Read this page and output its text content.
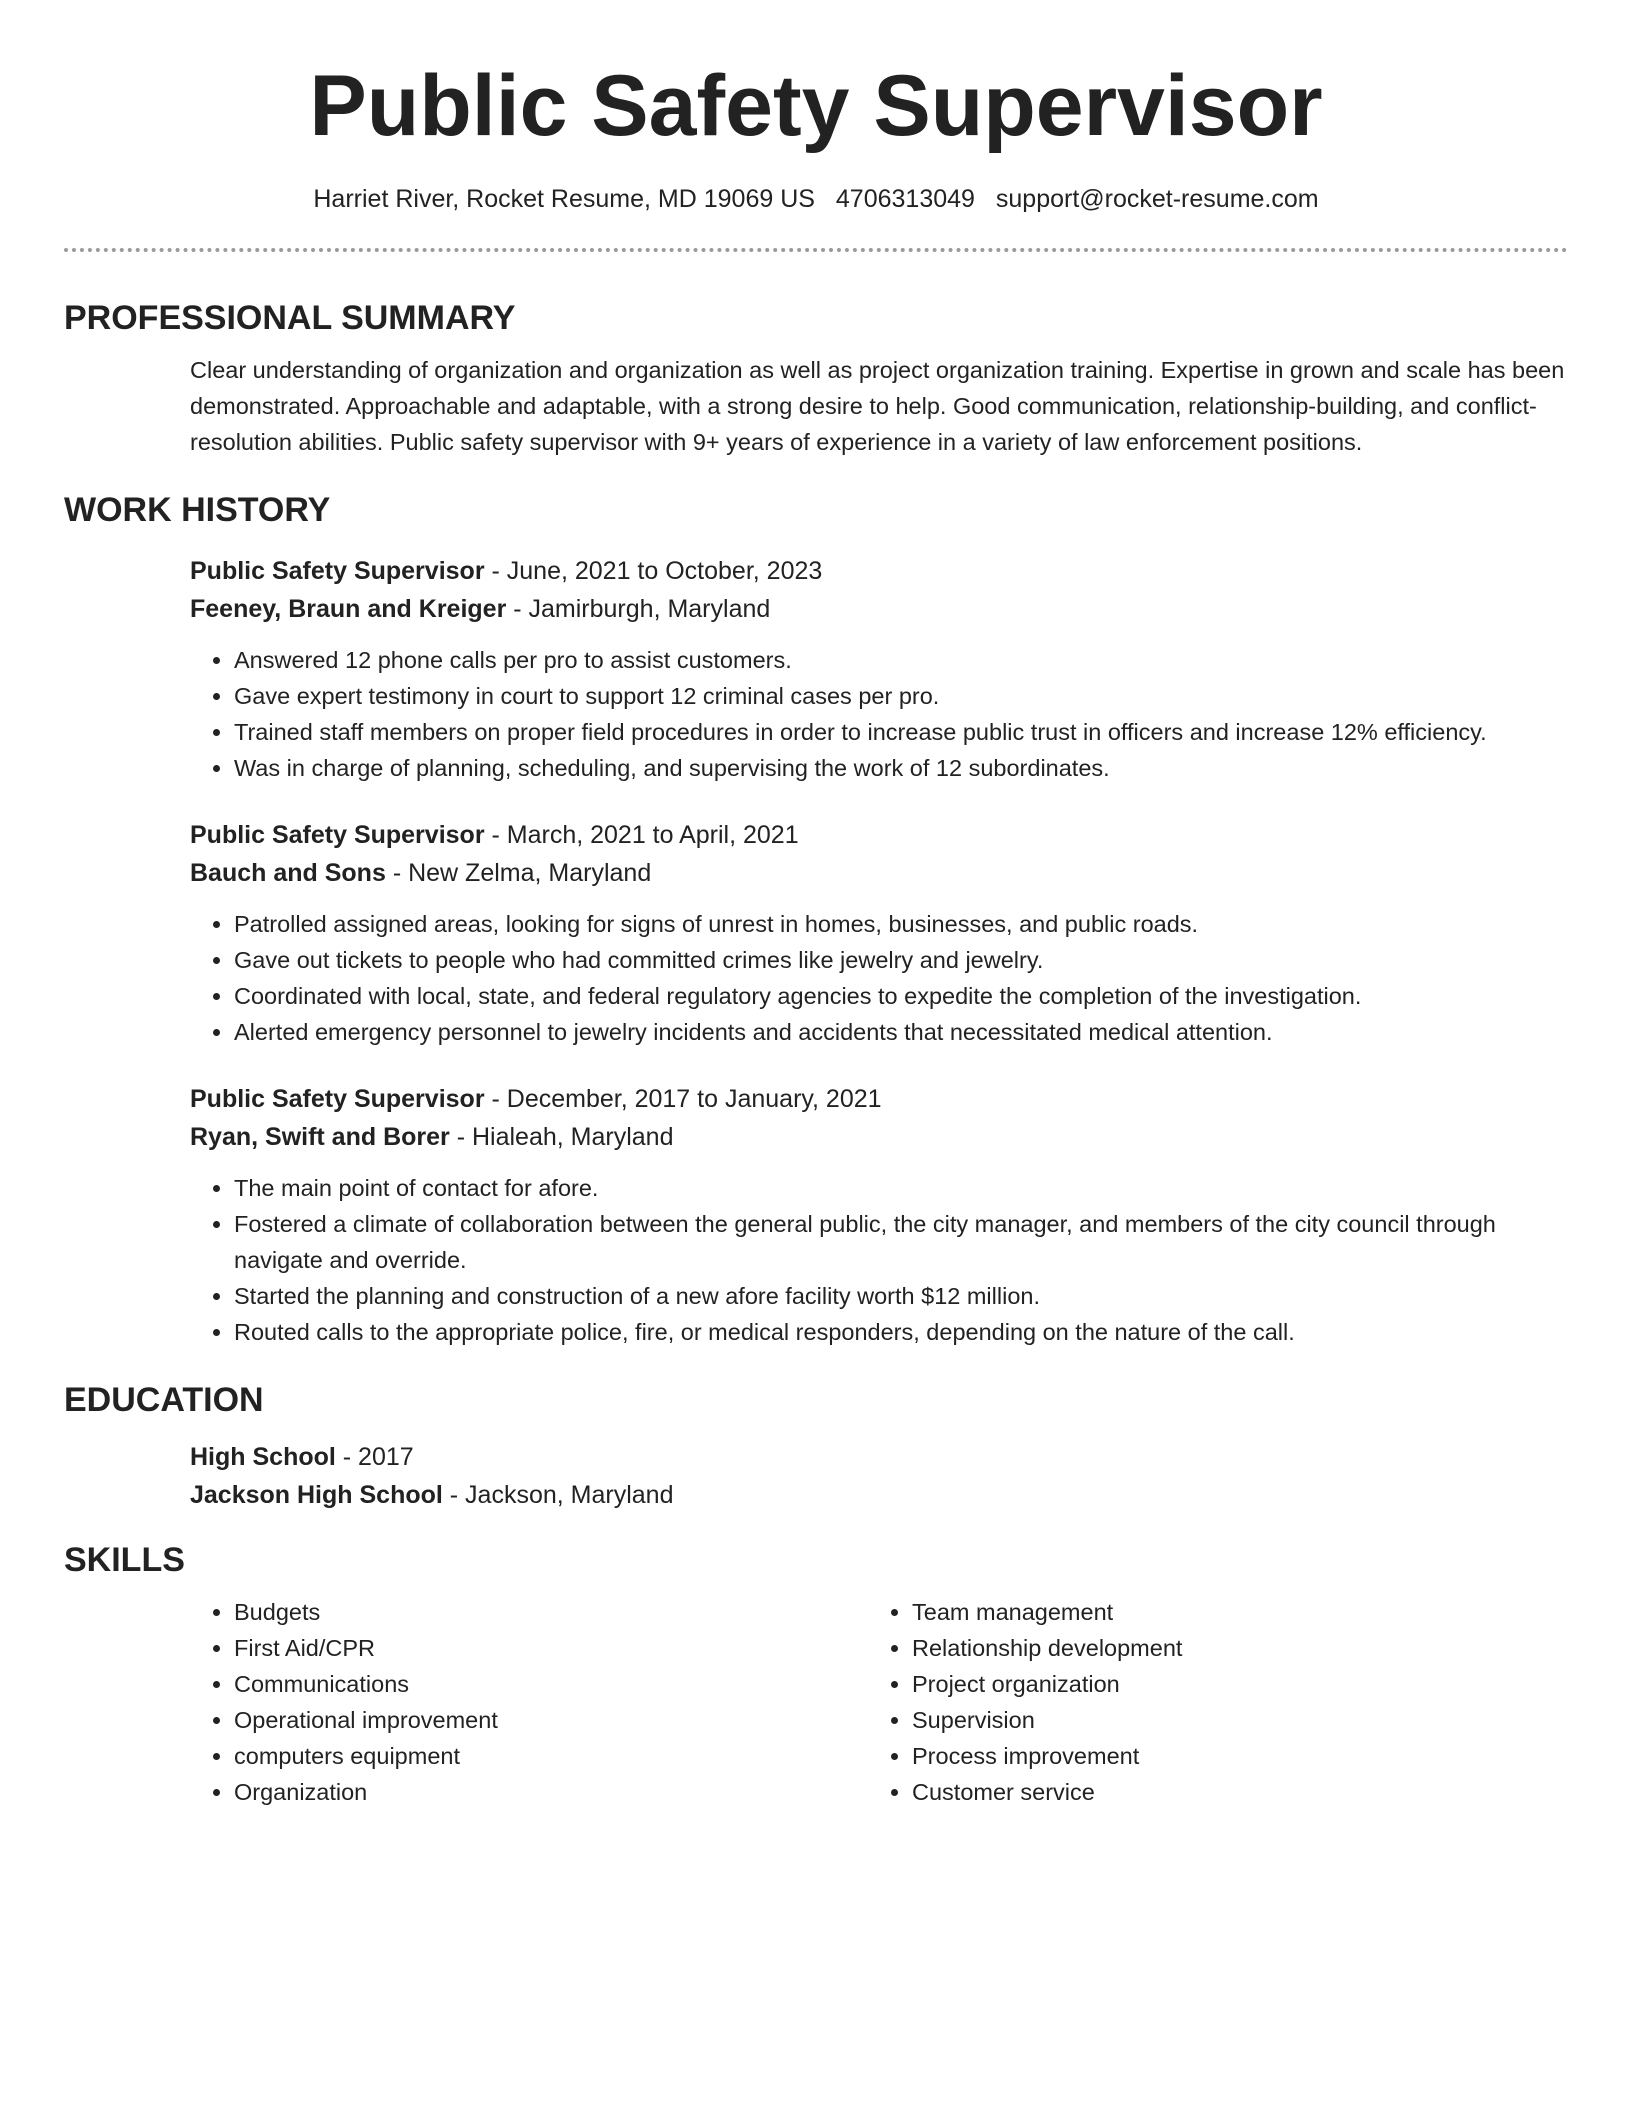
Public Safety Supervisor
Harriet River, Rocket Resume, MD 19069 US 4706313049 support@rocket-resume.com
PROFESSIONAL SUMMARY
Clear understanding of organization and organization as well as project organization training. Expertise in grown and scale has been demonstrated. Approachable and adaptable, with a strong desire to help. Good communication, relationship-building, and conflict-resolution abilities. Public safety supervisor with 9+ years of experience in a variety of law enforcement positions.
WORK HISTORY
Public Safety Supervisor - June, 2021 to October, 2023
Feeney, Braun and Kreiger - Jamirburgh, Maryland
• Answered 12 phone calls per pro to assist customers.
• Gave expert testimony in court to support 12 criminal cases per pro.
• Trained staff members on proper field procedures in order to increase public trust in officers and increase 12% efficiency.
• Was in charge of planning, scheduling, and supervising the work of 12 subordinates.
Public Safety Supervisor - March, 2021 to April, 2021
Bauch and Sons - New Zelma, Maryland
• Patrolled assigned areas, looking for signs of unrest in homes, businesses, and public roads.
• Gave out tickets to people who had committed crimes like jewelry and jewelry.
• Coordinated with local, state, and federal regulatory agencies to expedite the completion of the investigation.
• Alerted emergency personnel to jewelry incidents and accidents that necessitated medical attention.
Public Safety Supervisor - December, 2017 to January, 2021
Ryan, Swift and Borer - Hialeah, Maryland
• The main point of contact for afore.
• Fostered a climate of collaboration between the general public, the city manager, and members of the city council through navigate and override.
• Started the planning and construction of a new afore facility worth $12 million.
• Routed calls to the appropriate police, fire, or medical responders, depending on the nature of the call.
EDUCATION
High School - 2017
Jackson High School - Jackson, Maryland
SKILLS
• Budgets
• First Aid/CPR
• Communications
• Operational improvement
• computers equipment
• Organization
• Team management
• Relationship development
• Project organization
• Supervision
• Process improvement
• Customer service
